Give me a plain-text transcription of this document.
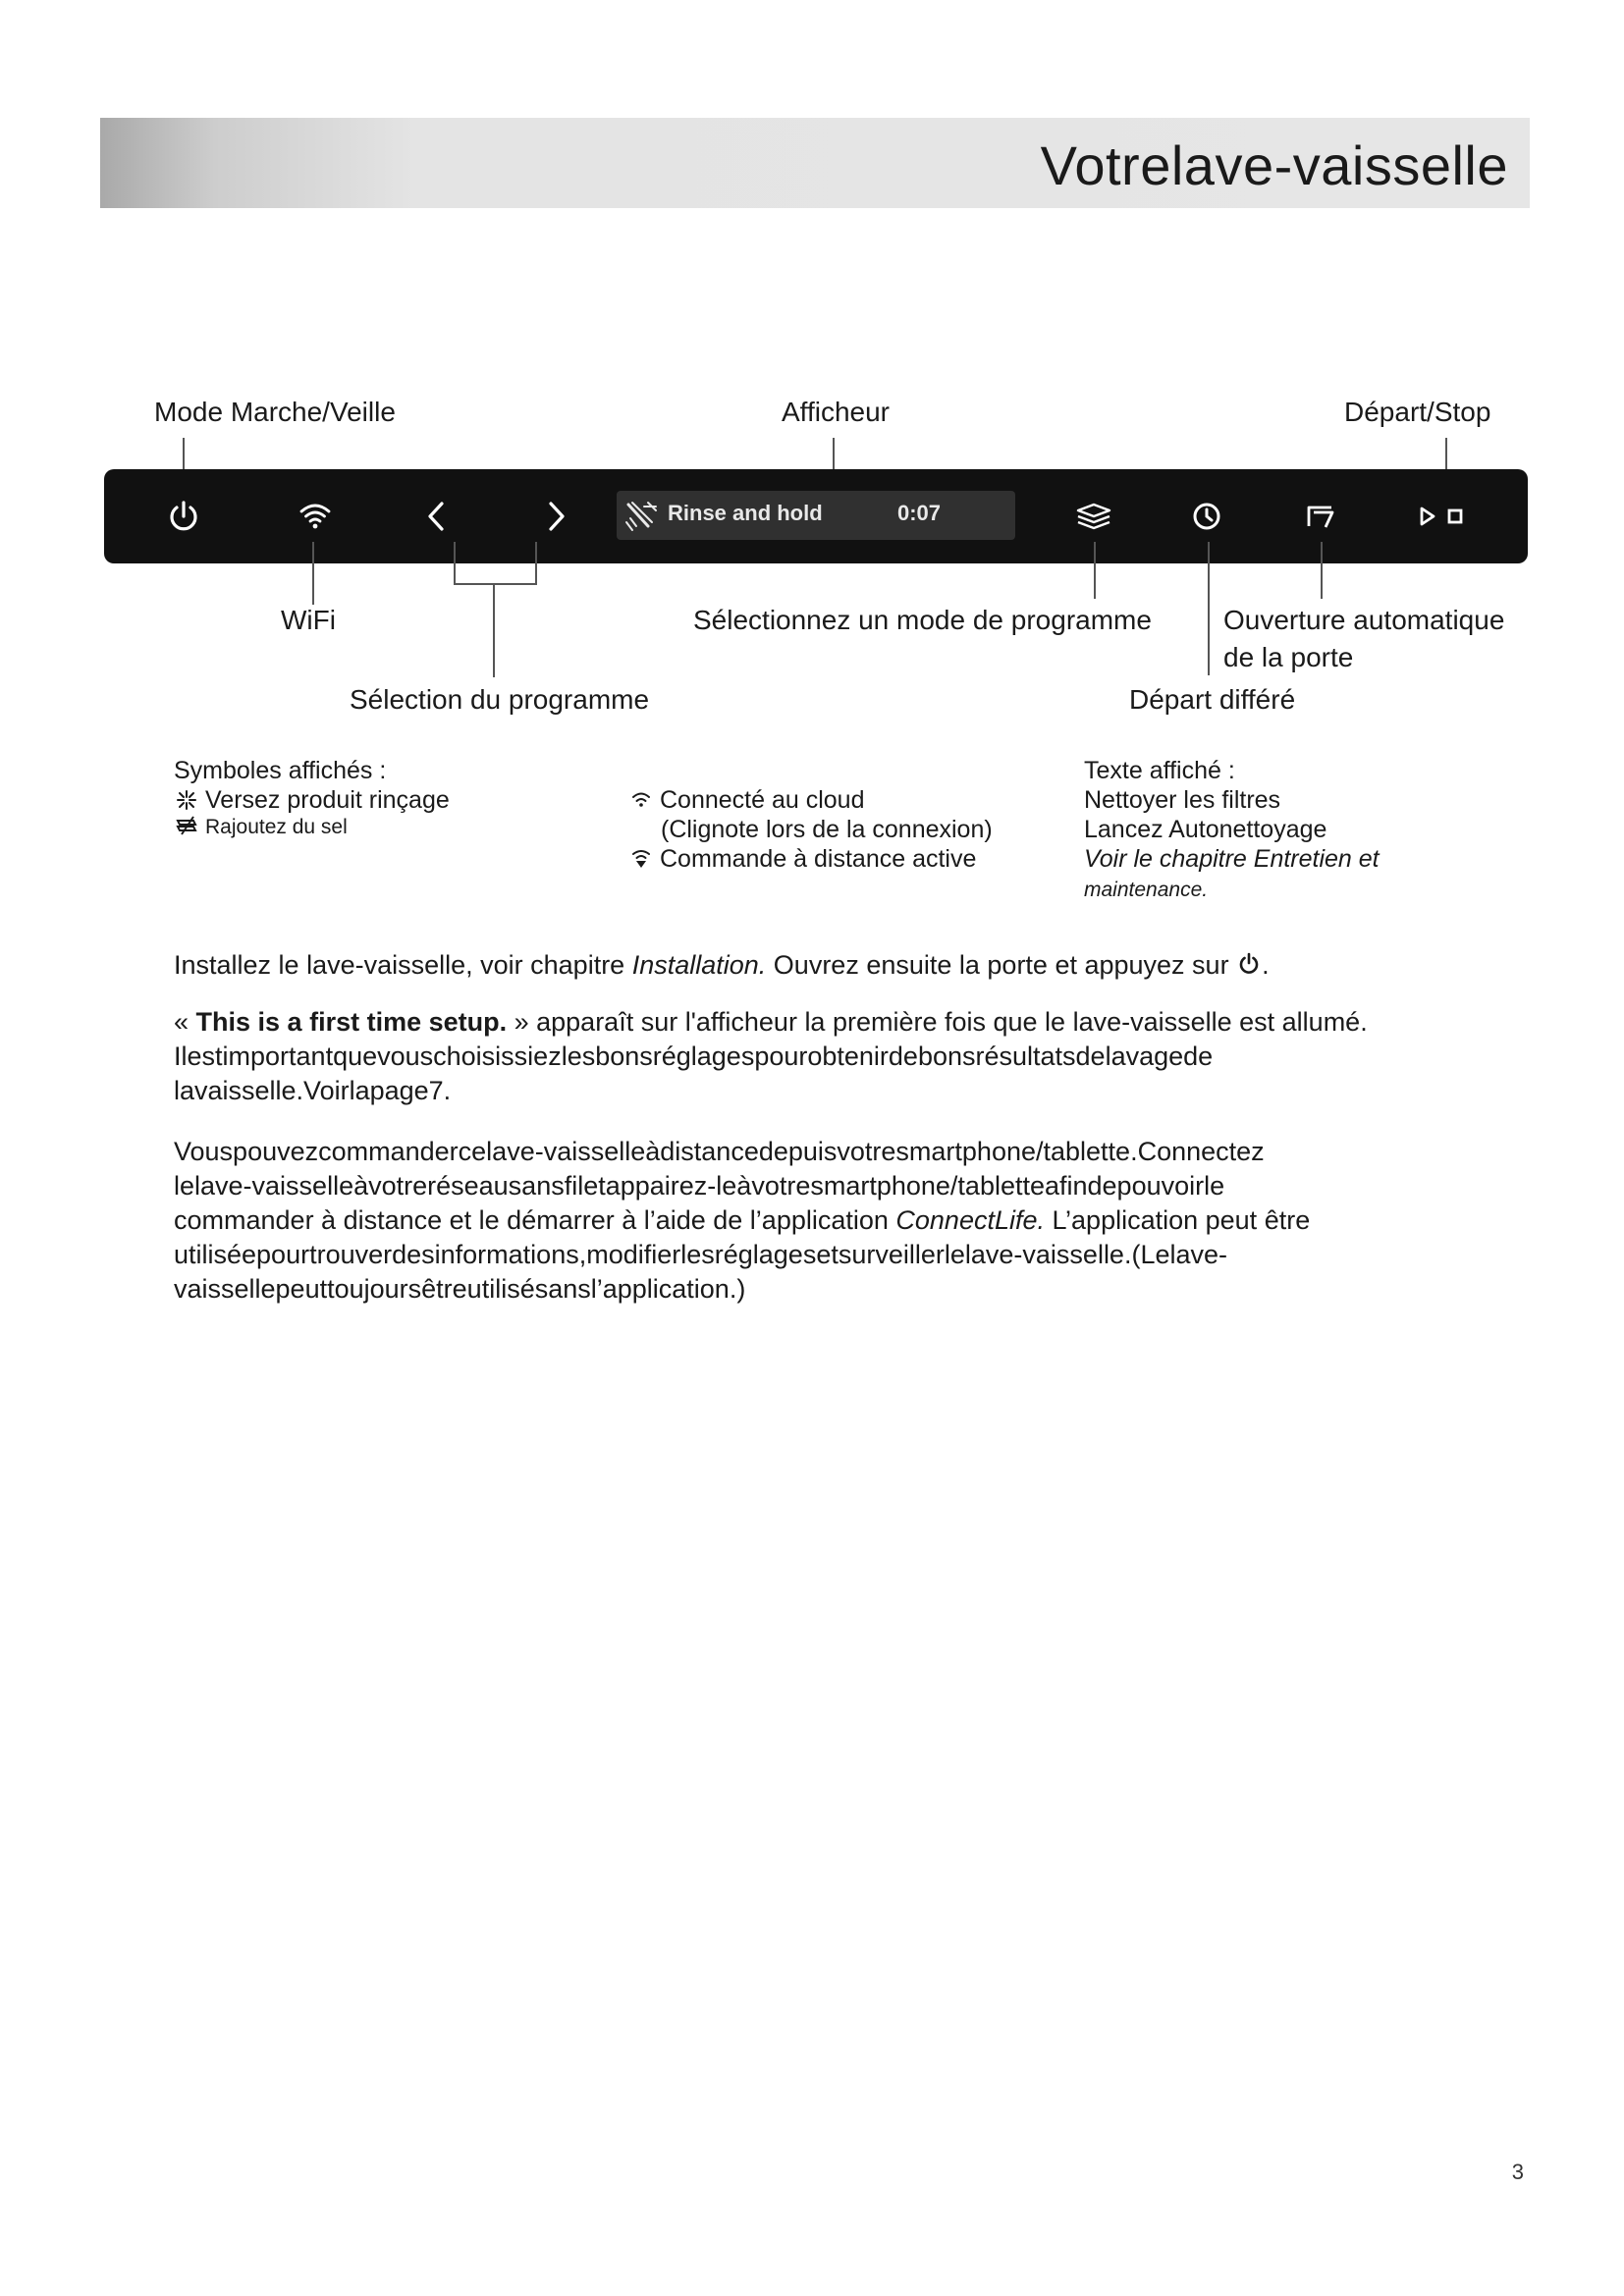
Votrelave-vaisselle
Mode Marche/Veille	Afficheur	Départ/Stop
Rinse and hold	0:07
WiFi	Sélectionnez un mode de programme	Ouverture automatique
de la porte
Sélection du programme	Départ différé
Symboles affichés :
Versez produit rinçage
Rajoutez du sel
Connecté au cloud
(Clignote lors de la connexion)
Commande à distance active
Texte affiché :
Nettoyer les filtres
Lancez Autonettoyage
Voir le chapitre Entretien et
maintenance.

Installez le lave-vaisselle, voir chapitre Installation. Ouvrez ensuite la porte et appuyez sur .

« This is a first time setup. » apparaît sur l'afficheur la première fois que le lave-vaisselle est allumé.

Ilestimportantquevouschoisissiezlesbonsréglagespourobtenirdebonsrésultatsdelavagede

lavaisselle.Voirlapage7.

Vouspouvezcommandercelave-vaisselleàdistancedepuisvotresmartphone/tablette.Connectez

lelave-vaisselleàvotreréseausansfiletappairez-leàvotresmartphone/tabletteafindepouvoirle

commander à distance et le démarrer à l’aide de l’application ConnectLife. L’application peut être

utiliséepourtrouverdesinformations,modifierlesréglagesetsurveillerlelave-vaisselle.(Lelave-

vaissellepeuttoujoursêtreutilisésansl’application.)

3
